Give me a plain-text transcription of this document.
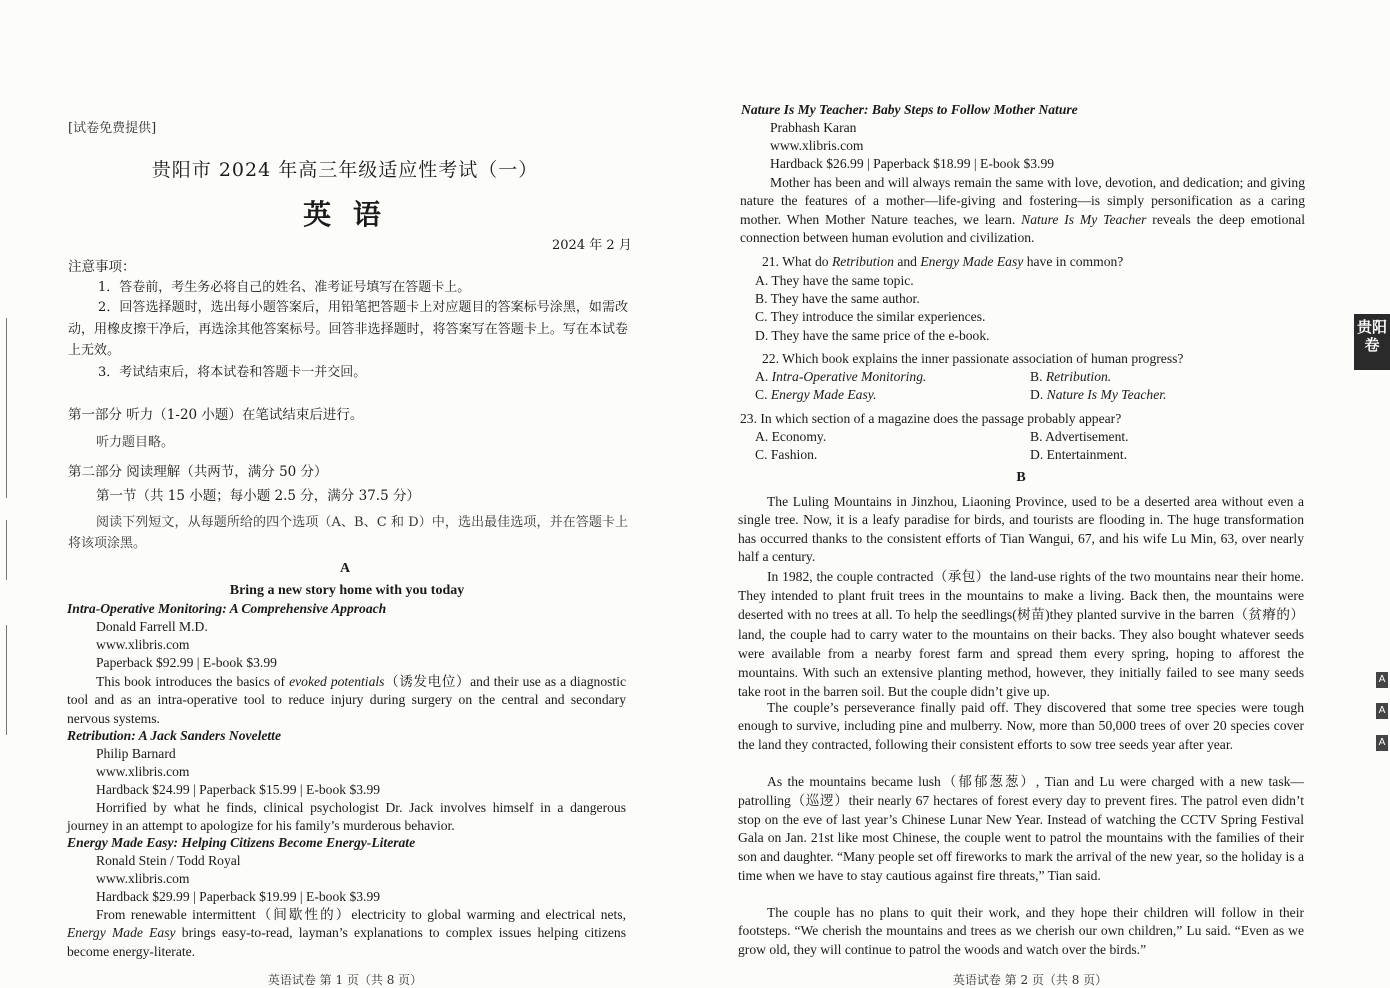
[试卷免费提供]
贵阳市 2024 年高三年级适应性考试（一）
英 语
2024 年 2 月
注意事项：
1．答卷前，考生务必将自己的姓名、准考证号填写在答题卡上。
2．回答选择题时，选出每小题答案后，用铅笔把答题卡上对应题目的答案标号涂黑，如需改动，用橡皮擦干净后，再选涂其他答案标号。回答非选择题时，将答案写在答题卡上。写在本试卷上无效。
3．考试结束后，将本试卷和答题卡一并交回。
第一部分 听力（1-20 小题）在笔试结束后进行。
听力题目略。
第二部分 阅读理解（共两节，满分 50 分）
第一节（共 15 小题；每小题 2.5 分，满分 37.5 分）
阅读下列短文，从每题所给的四个选项（A、B、C 和 D）中，选出最佳选项，并在答题卡上将该项涂黑。
A
Bring a new story home with you today
Intra-Operative Monitoring: A Comprehensive Approach
Donald Farrell M.D.
www.xlibris.com
Paperback $92.99 | E-book $3.99

This book introduces the basics of evoked potentials（诱发电位）and their use as a diagnostic tool and as an intra-operative tool to reduce injury during surgery on the central and secondary nervous systems.

Retribution: A Jack Sanders Novelette
Philip Barnard
www.xlibris.com
Hardback $24.99 | Paperback $15.99 | E-book $3.99

Horrified by what he finds, clinical psychologist Dr. Jack involves himself in a dangerous journey in an attempt to apologize for his family’s murderous behavior.

Energy Made Easy: Helping Citizens Become Energy-Literate
Ronald Stein / Todd Royal
www.xlibris.com
Hardback $29.99 | Paperback $19.99 | E-book $3.99

From renewable intermittent（间歇性的）electricity to global warming and electrical nets, Energy Made Easy brings easy-to-read, layman’s explanations to complex issues helping citizens become energy-literate.

英语试卷 第 1 页（共 8 页）
Nature Is My Teacher: Baby Steps to Follow Mother Nature
Prabhash Karan
www.xlibris.com
Hardback $26.99 | Paperback $18.99 | E-book $3.99

Mother has been and will always remain the same with love, devotion, and dedication; and giving nature the features of a mother—life-giving and fostering—is simply personification as a caring mother. When Mother Nature teaches, we learn. Nature Is My Teacher reveals the deep emotional connection between human evolution and civilization.

21. What do Retribution and Energy Made Easy have in common?
A. They have the same topic.
B. They have the same author.
C. They introduce the similar experiences.
D. They have the same price of the e-book.
22. Which book explains the inner passionate association of human progress?
A. Intra-Operative Monitoring.	B. Retribution.
C. Energy Made Easy.	D. Nature Is My Teacher.
23. In which section of a magazine does the passage probably appear?
A. Economy.	B. Advertisement.
C. Fashion.	D. Entertainment.
B

The Luling Mountains in Jinzhou, Liaoning Province, used to be a deserted area without even a single tree. Now, it is a leafy paradise for birds, and tourists are flooding in. The huge transformation has occurred thanks to the consistent efforts of Tian Wangui, 67, and his wife Lu Min, 63, over nearly half a century.

In 1982, the couple contracted（承包）the land-use rights of the two mountains near their home. They intended to plant fruit trees in the mountains to make a living. Back then, the mountains were deserted with no trees at all. To help the seedlings(树苗)they planted survive in the barren（贫瘠的）land, the couple had to carry water to the mountains on their backs. They also bought whatever seeds were available from a nearby forest farm and spread them every spring, hoping to afforest the mountains. With such an extensive planting method, however, they initially failed to see many seeds take root in the barren soil. But the couple didn’t give up.

The couple’s perseverance finally paid off. They discovered that some tree species were tough enough to survive, including pine and mulberry. Now, more than 50,000 trees of over 20 species cover the land they contracted, following their consistent efforts to sow tree seeds year after year.

As the mountains became lush（郁郁葱葱）, Tian and Lu were charged with a new task—patrolling（巡逻）their nearly 67 hectares of forest every day to prevent fires. The patrol even didn’t stop on the eve of last year’s Chinese Lunar New Year. Instead of watching the CCTV Spring Festival Gala on Jan. 21st like most Chinese, the couple went to patrol the mountains with the families of their son and daughter. “Many people set off fireworks to mark the arrival of the new year, so the holiday is a time when we have to stay cautious against fire threats,” Tian said.

The couple has no plans to quit their work, and they hope their children will follow in their footsteps. “We cherish the mountains and trees as we cherish our own children,” Lu said. “Even as we grow old, they will continue to patrol the woods and watch over the birds.”

英语试卷 第 2 页（共 8 页）
贵阳卷
A
A
A
